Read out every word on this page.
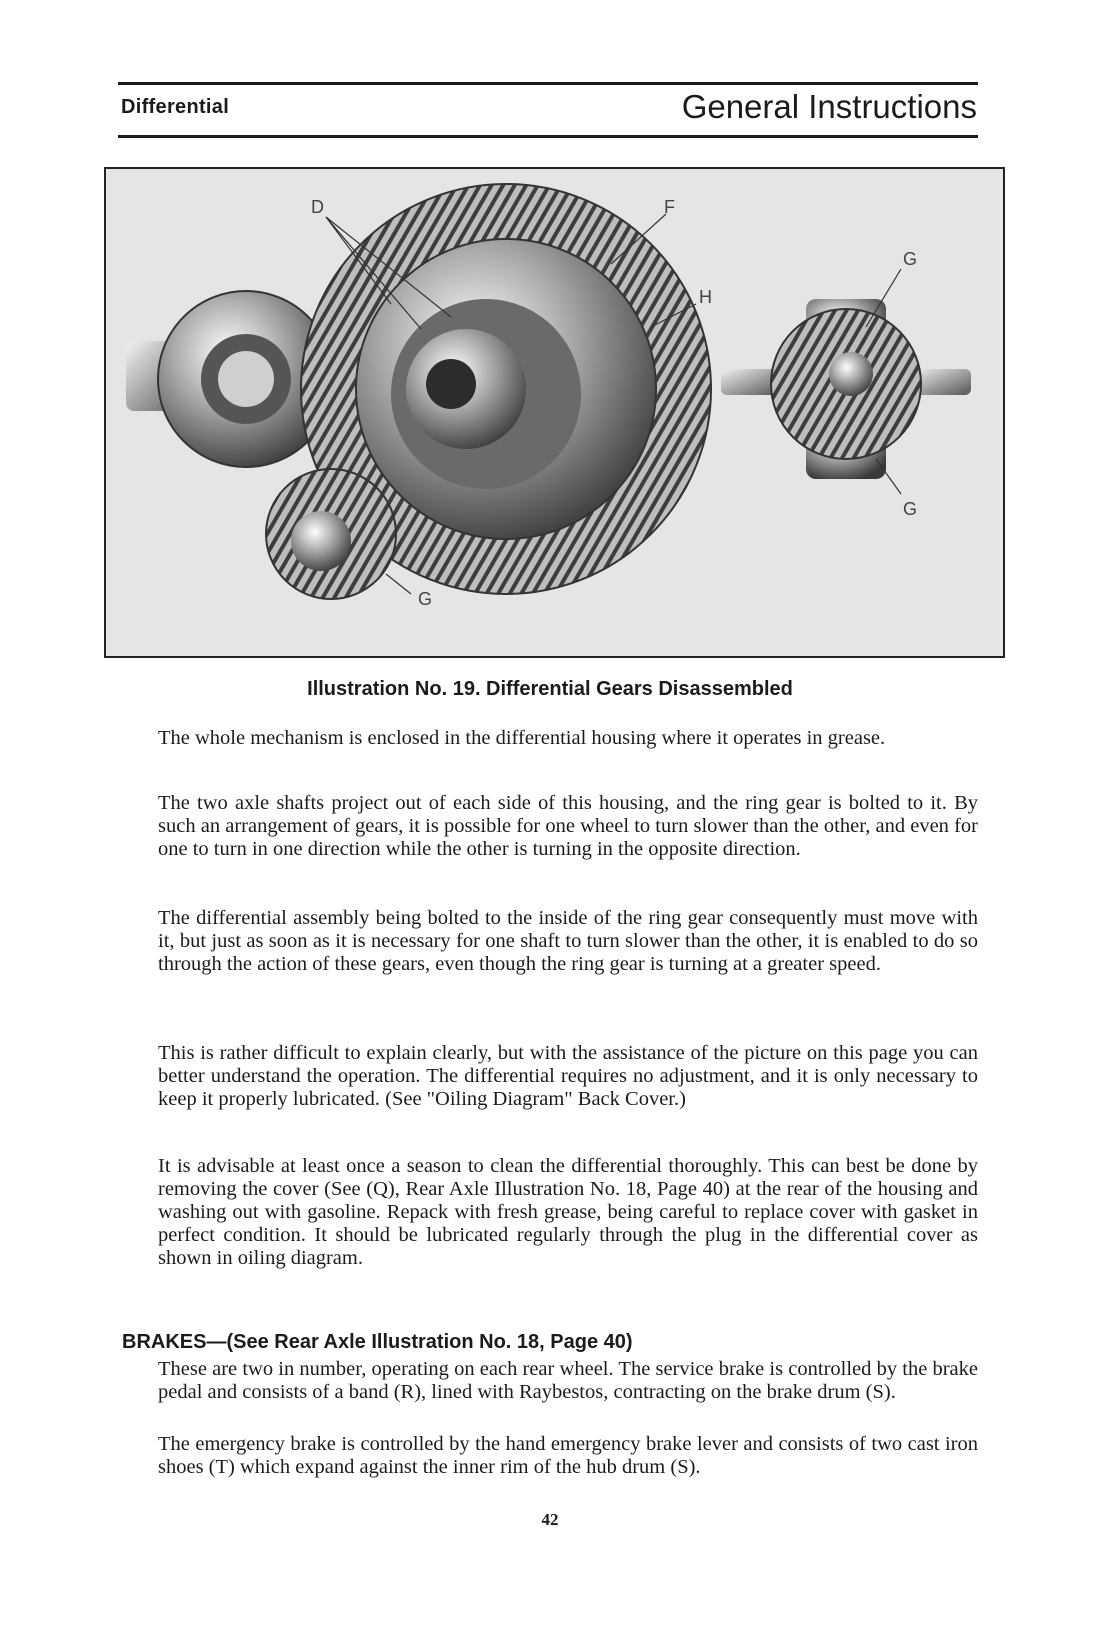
Differential	General Instructions
D	F
H
G
G
G
Illustration No. 19. Differential Gears Disassembled

The whole mechanism is enclosed in the differential housing where it operates in grease.

The two axle shafts project out of each side of this housing, and the ring gear is bolted to it. By such an arrangement of gears, it is possible for one wheel to turn slower than the other, and even for one to turn in one direction while the other is turning in the opposite direction.

The differential assembly being bolted to the inside of the ring gear consequently must move with it, but just as soon as it is necessary for one shaft to turn slower than the other, it is enabled to do so through the action of these gears, even though the ring gear is turning at a greater speed.

This is rather difficult to explain clearly, but with the assistance of the picture on this page you can better understand the operation. The differential requires no adjustment, and it is only necessary to keep it properly lubricated. (See "Oiling Diagram" Back Cover.)

It is advisable at least once a season to clean the differential thoroughly. This can best be done by removing the cover (See (Q), Rear Axle Illustration No. 18, Page 40) at the rear of the housing and washing out with gasoline. Repack with fresh grease, being careful to replace cover with gasket in perfect condition. It should be lubricated regularly through the plug in the differential cover as shown in oiling diagram.

BRAKES—(See Rear Axle Illustration No. 18, Page 40)

These are two in number, operating on each rear wheel. The service brake is controlled by the brake pedal and consists of a band (R), lined with Raybestos, contracting on the brake drum (S).

The emergency brake is controlled by the hand emergency brake lever and consists of two cast iron shoes (T) which expand against the inner rim of the hub drum (S).

42
